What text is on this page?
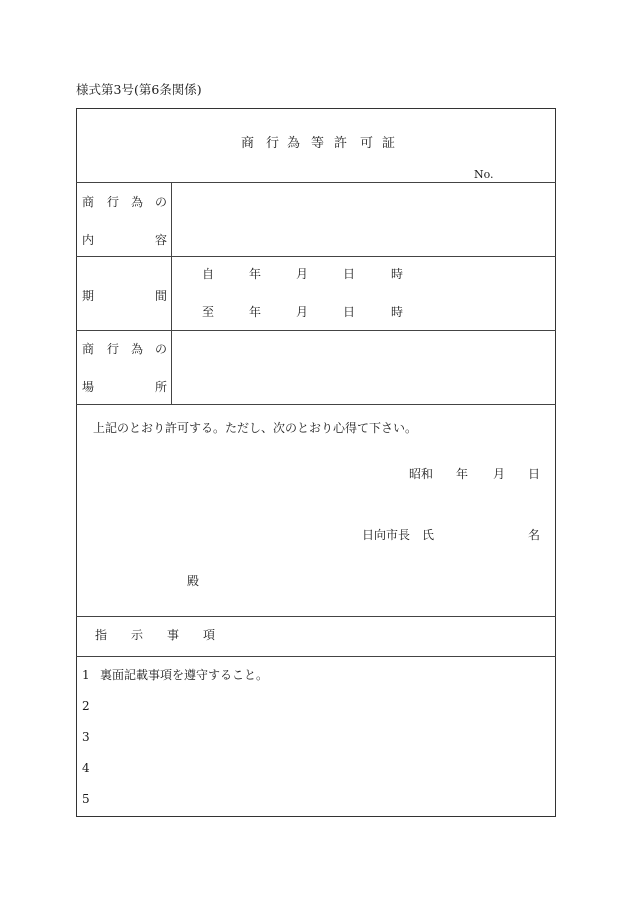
様式第3号(第6条関係)
商 行 為 等 許 可 証
No.
商 行 為 の
内	容
期	間
自	年	月	日	時
至	年	月	日	時
商 行 為 の
場	所
上記のとおり許可する。ただし、次のとおり心得て下さい。
昭和 年 月 日
日向市長　氏	名
殿
指 示 事 項
1 裏面記載事項を遵守すること。
2
3
4
5
